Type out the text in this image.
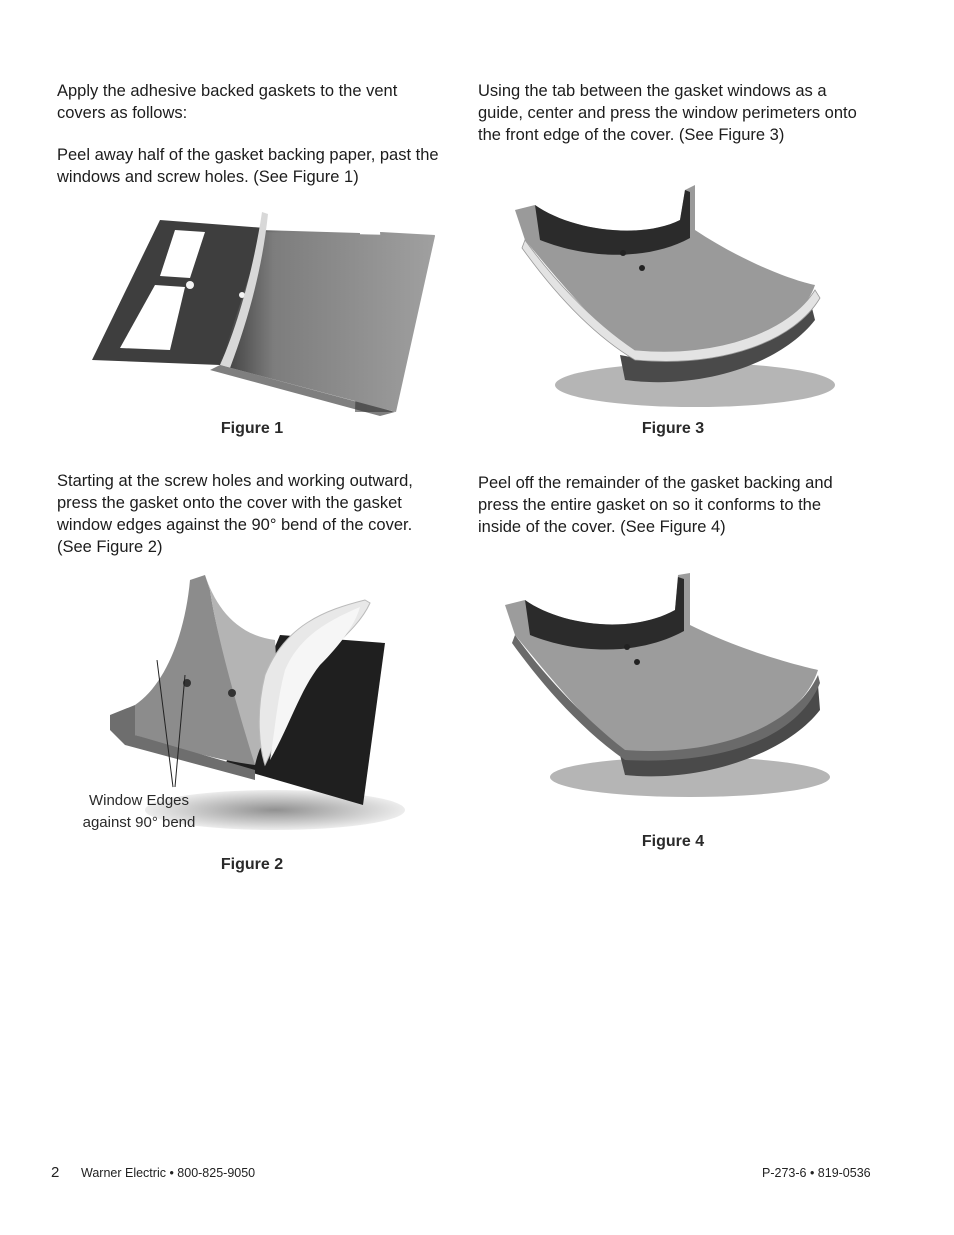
Apply the adhesive backed gaskets to the vent covers as follows:

Peel away half of the gasket backing paper, past the windows and screw holes. (See Figure 1)

Figure 1

Starting at the screw holes and working outward, press the gasket onto the cover with the gasket window edges against the 90° bend of the cover. (See Figure 2)

Window Edges
against 90° bend
Figure 2

Using the tab between the gasket windows as a guide, center and press the window perimeters onto the front edge of the cover. (See Figure 3)

Figure 3

Peel off the remainder of the gasket backing and press the entire gasket on so it conforms to the inside of the cover. (See Figure 4)

Figure 4
2 Warner Electric • 800-825-9050	P-273-6 • 819-0536
